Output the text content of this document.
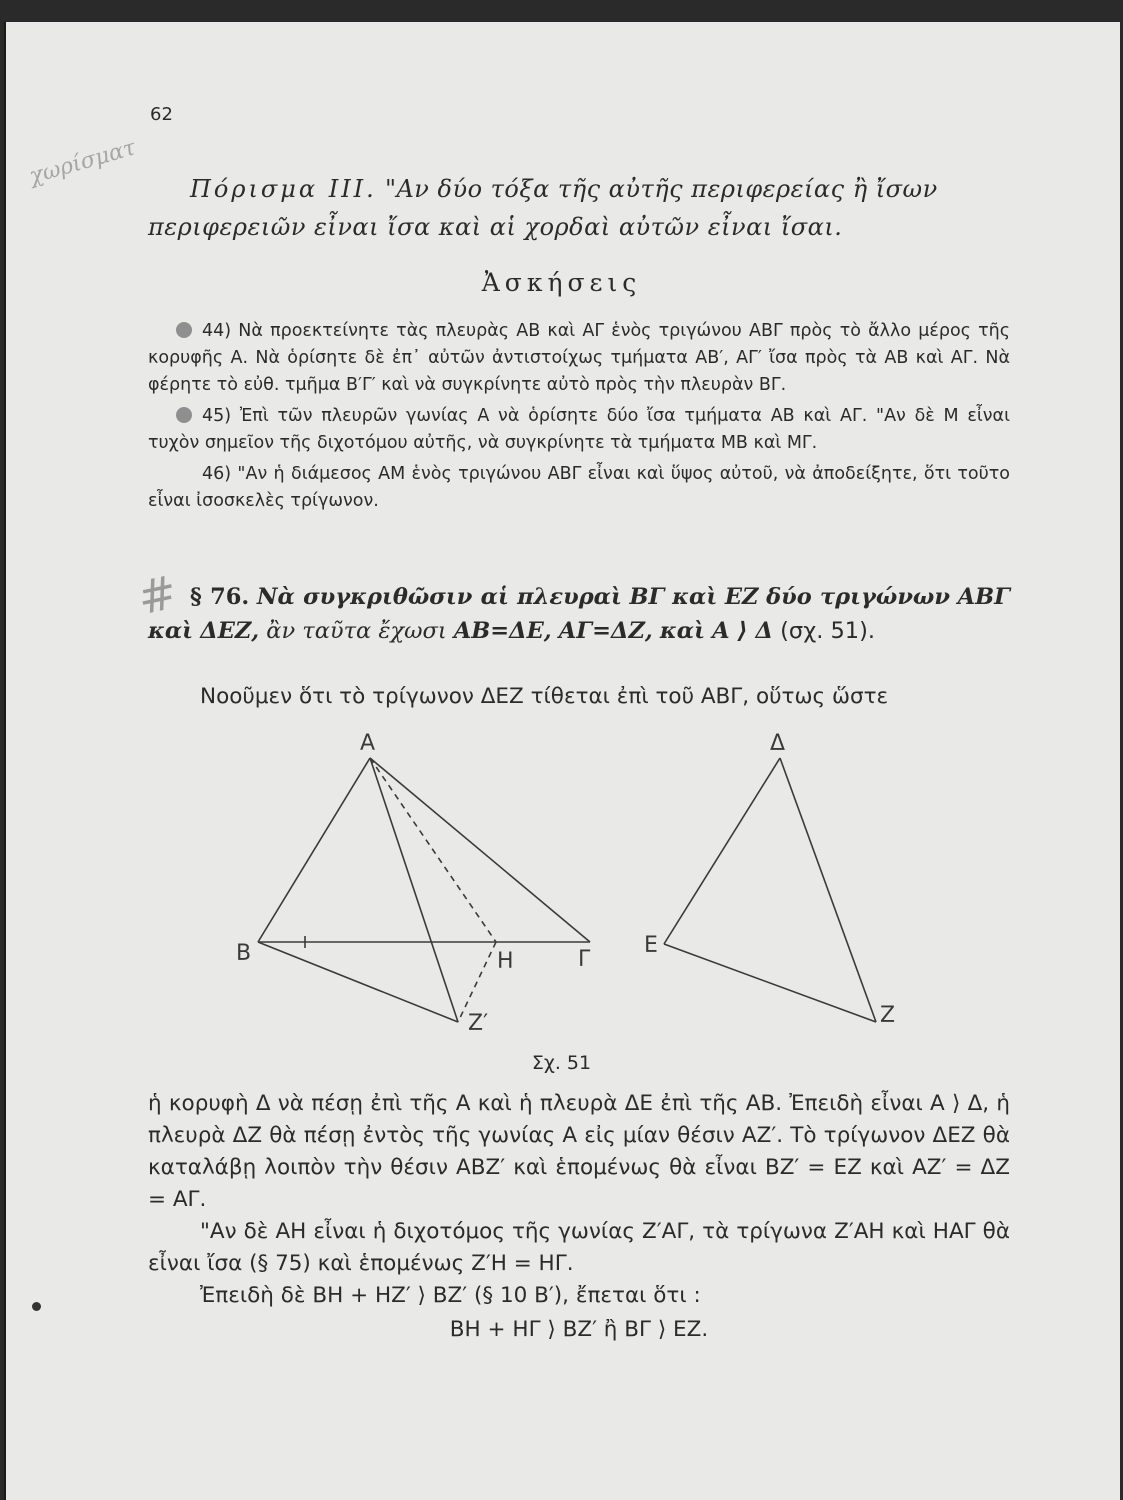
62
χωρίσματ	Πόρισμα ΙΙΙ. "Αν δύο τόξα τῆς αὐτῆς περιφερείας ἢ ἴσων περιφερειῶν εἶναι ἴσα καὶ αἱ χορδαὶ αὐτῶν εἶναι ἴσαι.
Ἀσκήσεις

44) Νὰ προεκτείνητε τὰς πλευρὰς ΑΒ καὶ ΑΓ ἑνὸς τριγώνου ΑΒΓ πρὸς τὸ ἄλλο μέρος τῆς κορυφῆς Α. Νὰ ὁρίσητε δὲ ἐπ᾽ αὐτῶν ἀντιστοίχως τμήματα ΑΒ′, ΑΓ′ ἴσα πρὸς τὰ ΑΒ καὶ ΑΓ. Νὰ φέρητε τὸ εὐθ. τμῆμα Β′Γ′ καὶ νὰ συγκρίνητε αὐτὸ πρὸς τὴν πλευρὰν ΒΓ.

45) Ἐπὶ τῶν πλευρῶν γωνίας Α νὰ ὁρίσητε δύο ἴσα τμήματα ΑΒ καὶ ΑΓ. "Αν δὲ Μ εἶναι τυχὸν σημεῖον τῆς διχοτόμου αὐτῆς, νὰ συγκρίνητε τὰ τμήματα ΜΒ καὶ ΜΓ.

46) "Αν ἡ διάμεσος ΑΜ ἑνὸς τριγώνου ΑΒΓ εἶναι καὶ ὕψος αὐτοῦ, νὰ ἀποδείξητε, ὅτι τοῦτο εἶναι ἰσοσκελὲς τρίγωνον.

# § 76. Νὰ συγκριθῶσιν αἱ πλευραὶ ΒΓ καὶ ΕΖ δύο τριγώνων ΑΒΓ καὶ ΔΕΖ, ἂν ταῦτα ἔχωσι ΑΒ=ΔΕ, ΑΓ=ΔΖ, καὶ Α ⟩ Δ (σχ. 51).
Νοοῦμεν ὅτι τὸ τρίγωνον ΔΕΖ τίθεται ἐπὶ τοῦ ΑΒΓ, οὕτως ὥστε
Α
Β	Γ
Η
Ζ′
Δ
Ε
Ζ
Σχ. 51

ἡ κορυφὴ Δ νὰ πέσῃ ἐπὶ τῆς Α καὶ ἡ πλευρὰ ΔΕ ἐπὶ τῆς ΑΒ. Ἐπειδὴ εἶναι Α ⟩ Δ, ἡ πλευρὰ ΔΖ θὰ πέσῃ ἐντὸς τῆς γωνίας Α εἰς μίαν θέσιν ΑΖ′. Τὸ τρίγωνον ΔΕΖ θὰ καταλάβῃ λοιπὸν τὴν θέσιν ΑΒΖ′ καὶ ἑπομένως θὰ εἶναι ΒΖ′ = ΕΖ καὶ ΑΖ′ = ΔΖ = ΑΓ.

"Αν δὲ ΑΗ εἶναι ἡ διχοτόμος τῆς γωνίας Ζ′ΑΓ, τὰ τρίγωνα Ζ′ΑΗ καὶ ΗΑΓ θὰ εἶναι ἴσα (§ 75) καὶ ἑπομένως Ζ′Η = ΗΓ.

Ἐπειδὴ δὲ ΒΗ + ΗΖ′ ⟩ ΒΖ′ (§ 10 Β′), ἔπεται ὅτι :

ΒΗ + ΗΓ ⟩ ΒΖ′ ἢ ΒΓ ⟩ ΕΖ.
